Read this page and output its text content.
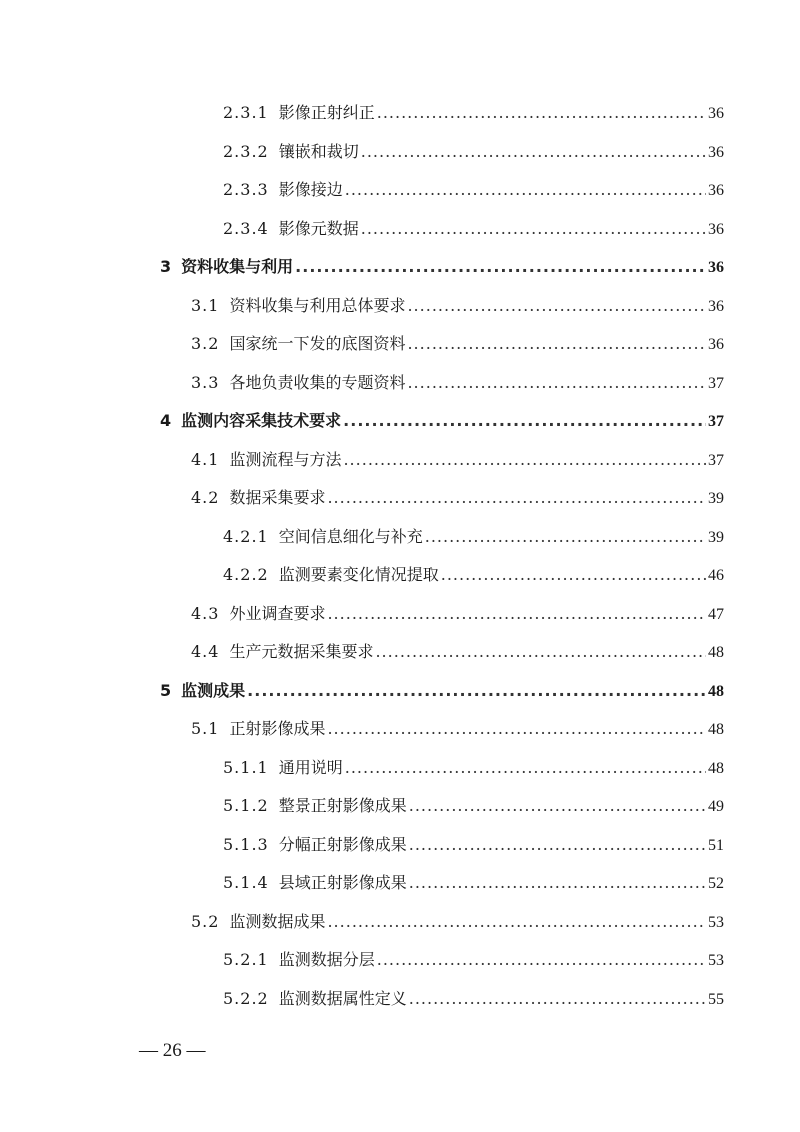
2.3.1 影像正射纠正 .....	36
2.3.2 镶嵌和裁切 .....	36
2.3.3 影像接边 .....	36
2.3.4 影像元数据 .....	36
3 资料收集与利用 .....	36
3.1 资料收集与利用总体要求 .....	36
3.2 国家统一下发的底图资料 .....	36
3.3 各地负责收集的专题资料 .....	37
4 监测内容采集技术要求 .....	37
4.1 监测流程与方法 .....	37
4.2 数据采集要求 .....	39
4.2.1 空间信息细化与补充 .....	39
4.2.2 监测要素变化情况提取 .....	46
4.3 外业调查要求 .....	47
4.4 生产元数据采集要求 .....	48
5 监测成果 .....	48
5.1 正射影像成果 .....	48
5.1.1 通用说明 .....	48
5.1.2 整景正射影像成果 .....	49
5.1.3 分幅正射影像成果 .....	51
5.1.4 县域正射影像成果 .....	52
5.2 监测数据成果 .....	53
5.2.1 监测数据分层 .....	53
5.2.2 监测数据属性定义 .....	55
— 26 —
